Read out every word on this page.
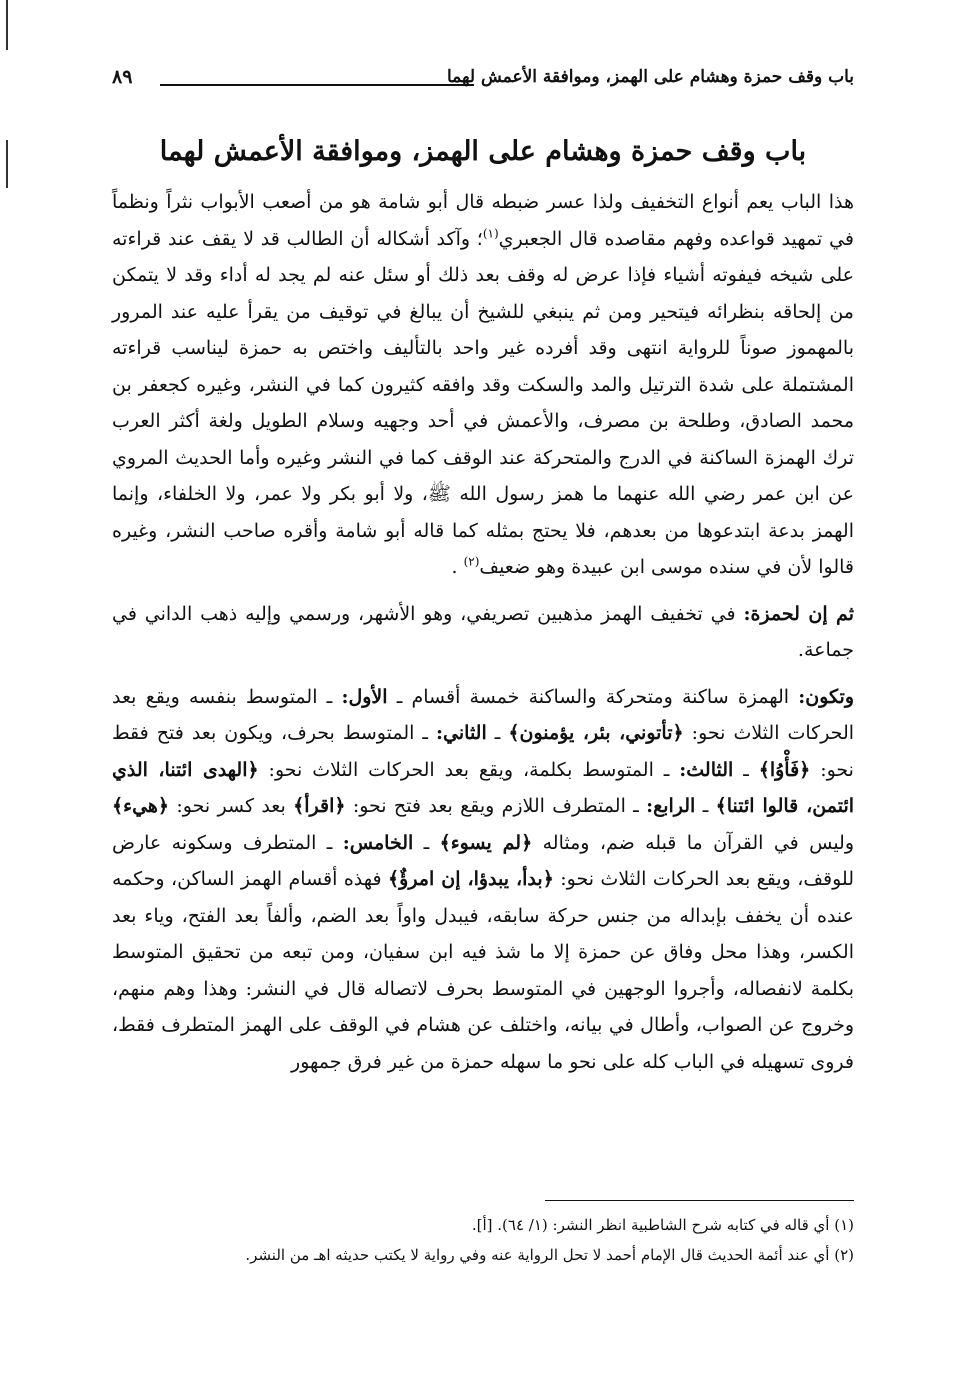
باب وقف حمزة وهشام على الهمز، وموافقة الأعمش لهما
٨٩
باب وقف حمزة وهشام على الهمز، وموافقة الأعمش لهما

هذا الباب يعم أنواع التخفيف ولذا عسر ضبطه قال أبو شامة هو من أصعب الأبواب نثراً ونظماً في تمهيد قواعده وفهم مقاصده قال الجعبري$^{(١)}$؛ وآكد أشكاله أن الطالب قد لا يقف عند قراءته على شيخه فيفوته أشياء فإذا عرض له وقف بعد ذلك أو سئل عنه لم يجد له أداء وقد لا يتمكن من إلحاقه بنظرائه فيتحير ومن ثم ينبغي للشيخ أن يبالغ في توقيف من يقرأ عليه عند المرور بالمهموز صوناً للرواية انتهى وقد أفرده غير واحد بالتأليف واختص به حمزة ليناسب قراءته المشتملة على شدة الترتيل والمد والسكت وقد وافقه كثيرون كما في النشر، وغيره كجعفر بن محمد الصادق، وطلحة بن مصرف، والأعمش في أحد وجهيه وسلام الطويل ولغة أكثر العرب ترك الهمزة الساكنة في الدرج والمتحركة عند الوقف كما في النشر وغيره وأما الحديث المروي عن ابن عمر رضي الله عنهما ما همز رسول الله ﷺ، ولا أبو بكر ولا عمر، ولا الخلفاء، وإنما الهمز بدعة ابتدعوها من بعدهم، فلا يحتج بمثله كما قاله أبو شامة وأقره صاحب النشر، وغيره قالوا لأن في سنده موسى ابن عبيدة وهو ضعيف$^{(٢)}$ .

ثم إن لحمزة: في تخفيف الهمز مذهبين تصريفي، وهو الأشهر، ورسمي وإليه ذهب الداني في جماعة.

وتكون: الهمزة ساكنة ومتحركة والساكنة خمسة أقسام ـ الأول: ـ المتوسط بنفسه ويقع بعد الحركات الثلاث نحو: ﴿تأتوني، بئر، يؤمنون﴾ ـ الثاني: ـ المتوسط بحرف، ويكون بعد فتح فقط نحو: ﴿فَأْوُا﴾ ـ الثالث: ـ المتوسط بكلمة، ويقع بعد الحركات الثلاث نحو: ﴿الهدى ائتنا، الذي ائتمن، قالوا ائتنا﴾ ـ الرابع: ـ المتطرف اللازم ويقع بعد فتح نحو: ﴿اقرأ﴾ بعد كسر نحو: ﴿هيء﴾ وليس في القرآن ما قبله ضم، ومثاله ﴿لم يسوء﴾ ـ الخامس: ـ المتطرف وسكونه عارض للوقف، ويقع بعد الحركات الثلاث نحو: ﴿بدأ، يبدؤا، إن امرؤٌ﴾ فهذه أقسام الهمز الساكن، وحكمه عنده أن يخفف بإبداله من جنس حركة سابقه، فيبدل واواً بعد الضم، وألفاً بعد الفتح، وياء بعد الكسر، وهذا محل وفاق عن حمزة إلا ما شذ فيه ابن سفيان، ومن تبعه من تحقيق المتوسط بكلمة لانفصاله، وأجروا الوجهين في المتوسط بحرف لاتصاله قال في النشر: وهذا وهم منهم، وخروج عن الصواب، وأطال في بيانه، واختلف عن هشام في الوقف على الهمز المتطرف فقط، فروى تسهيله في الباب كله على نحو ما سهله حمزة من غير فرق جمهور

(١) أي قاله في كتابه شرح الشاطبية انظر النشر: (١/ ٦٤). [أ].

(٢) أي عند أئمة الحديث قال الإمام أحمد لا تحل الرواية عنه وفي رواية لا يكتب حديثه اهـ من النشر.
